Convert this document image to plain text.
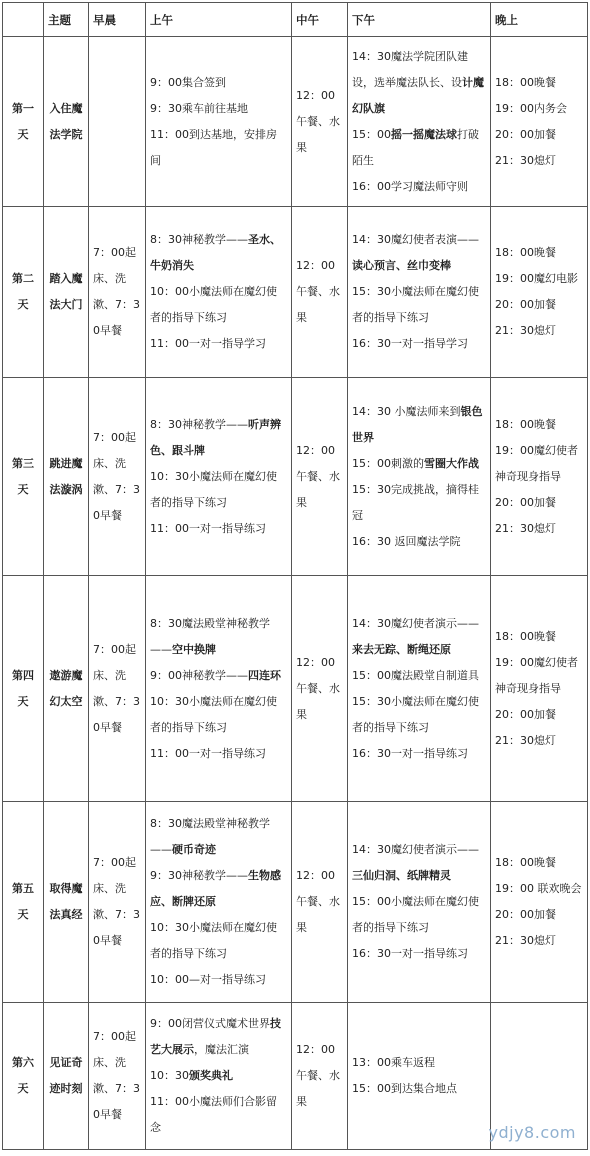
	主题	早晨	上午	中午	下午	晚上
第一天	入住魔法学院		9：00集合签到
9：30乘车前往基地
11：00到达基地，安排房间	12：00午餐、水果	14：30魔法学院团队建设，选举魔法队长、设计魔幻队旗
15：00摇一摇魔法球打破陌生
16：00学习魔法师守则	18：00晚餐
19：00内务会
20：00加餐
21：30熄灯

第二天	踏入魔法大门	7：00起床、洗漱、7：30早餐	8：30神秘教学——圣水、牛奶消失
10：00小魔法师在魔幻使者的指导下练习
11：00一对一指导学习	12：00午餐、水果	14：30魔幻使者表演——读心预言、丝巾变棒
15：30小魔法师在魔幻使者的指导下练习
16：30一对一指导学习	18：00晚餐
19：00魔幻电影
20：00加餐
21：30熄灯

第三天	跳进魔法漩涡	7：00起床、洗漱、7：30早餐	8：30神秘教学——听声辨色、跟斗牌
10：30小魔法师在魔幻使者的指导下练习
11：00一对一指导练习	12：00午餐、水果	14：30 小魔法师来到银色世界
15：00刺激的雪圈大作战
15：30完成挑战，摘得桂冠
16：30 返回魔法学院	18：00晚餐
19：00魔幻使者神奇现身指导
20：00加餐
21：30熄灯

第四天	遨游魔幻太空	7：00起床、洗漱、7：30早餐	8：30魔法殿堂神秘教学——空中换牌
9：00神秘教学——四连环10：30小魔法师在魔幻使者的指导下练习
11：00一对一指导练习	12：00午餐、水果	14：30魔幻使者演示——来去无踪、断绳还原
15：00魔法殿堂自制道具
15：30小魔法师在魔幻使者的指导下练习
16：30一对一指导练习	18：00晚餐
19：00魔幻使者神奇现身指导
20：00加餐
21：30熄灯

第五天	取得魔法真经	7：00起床、洗漱、7：30早餐	8：30魔法殿堂神秘教学——硬币奇迹
9：30神秘教学——生物感应、断牌还原
10：30小魔法师在魔幻使者的指导下练习
10：00—对一指导练习	12：00午餐、水果	14：30魔幻使者演示——三仙归洞、纸牌精灵
15：00小魔法师在魔幻使者的指导下练习
16：30一对一指导练习	18：00晚餐
19：00 联欢晚会
20：00加餐
21：30熄灯

第六天	见证奇迹时刻	7：00起床、洗漱、7：30早餐	9：00闭营仪式魔术世界技艺大展示，魔法汇演
10：30颁奖典礼
11：00小魔法师们合影留念	12：00午餐、水果	13：00乘车返程
15：00到达集合地点	

ydjy8.com
